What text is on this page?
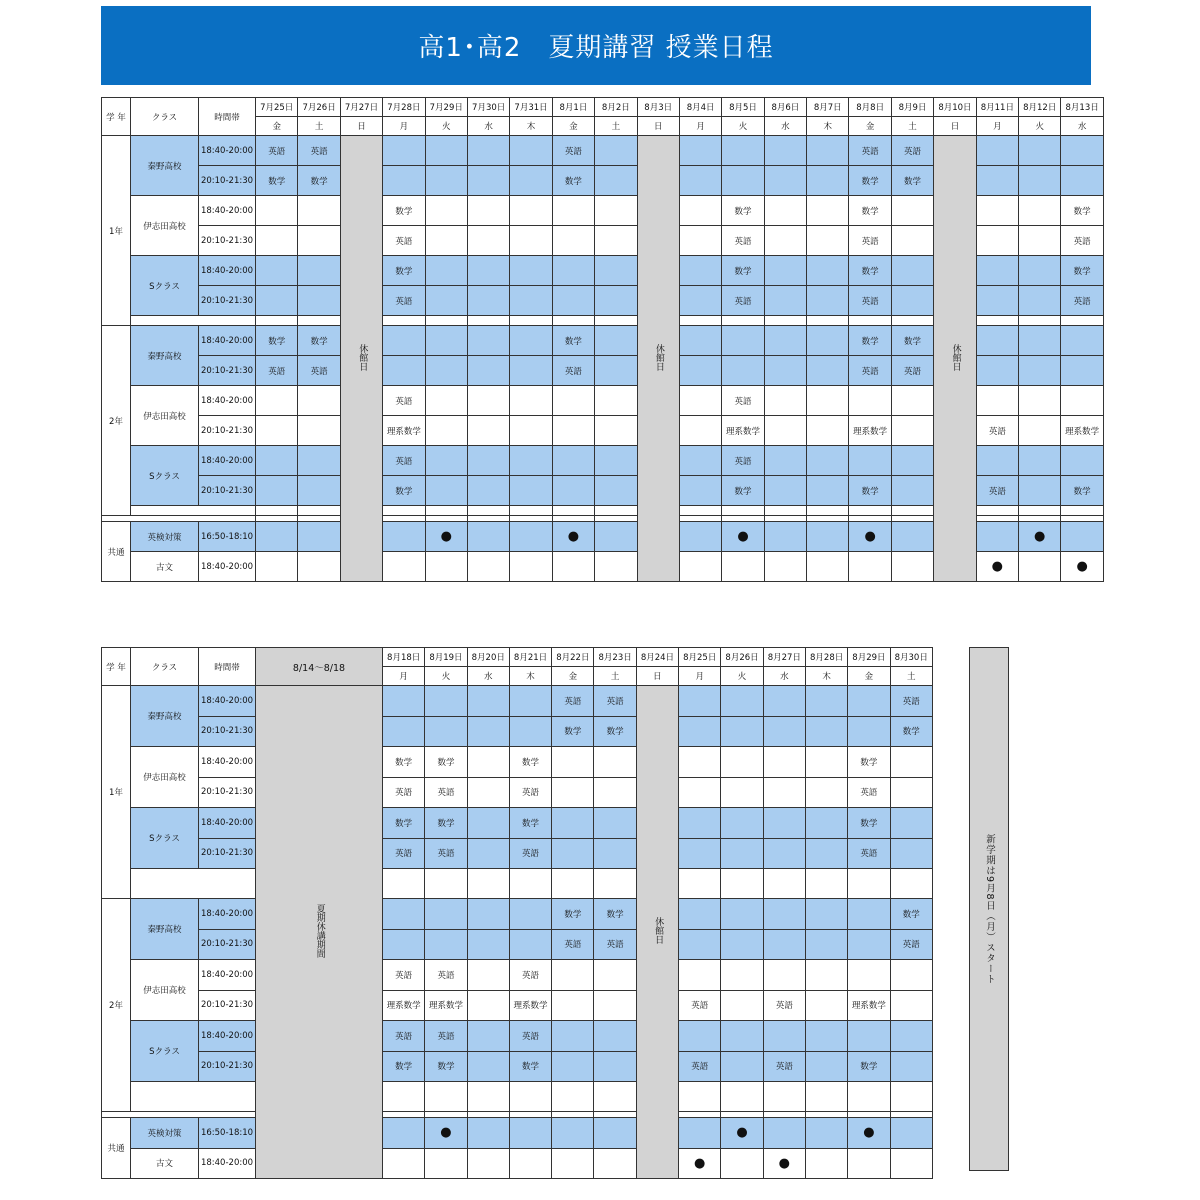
高1･高2　夏期講習 授業日程
学 年	クラス	時間帯	7月25日	7月26日	7月27日	7月28日	7月29日	7月30日	7月31日	8月1日	8月2日	8月3日	8月4日	8月5日	8月6日	8月7日	8月8日	8月9日	8月10日	8月11日	8月12日	8月13日
			金	土	日	月	火	水	木	金	土	日	月	火	水	木	金	土	日	月	火	水
1年	秦野高校	18:40-20:00	英語	英語	休館日					英語		休館日					英語	英語	休館日			
		20:10-21:30	数学	数学						数学							数学	数学				
	伊志田高校	18:40-20:00				数学								数学			数学					数学
		20:10-21:30				英語								英語			英語					英語
	Sクラス	18:40-20:00				数学								数学			数学					数学
		20:10-21:30				英語								英語			英語					英語

2年	秦野高校	18:40-20:00	数学	数学						数学							数学	数学				
		20:10-21:30	英語	英語						英語							英語	英語				
	伊志田高校	18:40-20:00				英語								英語								
		20:10-21:30				理系数学								理系数学			理系数学			英語		理系数学
	Sクラス	18:40-20:00				英語								英語								
		20:10-21:30				数学								数学			数学			英語		数学

共通	英検対策	16:50-18:10					●			●				●			●				●	
	古文	18:40-20:00																		●		●
学 年	クラス	時間帯	8/14～8/18	8月18日	8月19日	8月20日	8月21日	8月22日	8月23日	8月24日	8月25日	8月26日	8月27日	8月28日	8月29日	8月30日
				月	火	水	木	金	土	日	月	火	水	木	金	土
1年	秦野高校	18:40-20:00	夏期休講期間					英語	英語	休館日						英語
		20:10-21:30						数学	数学							数学
	伊志田高校	18:40-20:00		数学	数学		数学								数学	
		20:10-21:30		英語	英語		英語								英語	
	Sクラス	18:40-20:00		数学	数学		数学								数学	
		20:10-21:30		英語	英語		英語								英語	

2年	秦野高校	18:40-20:00						数学	数学							数学
		20:10-21:30						英語	英語							英語
	伊志田高校	18:40-20:00		英語	英語		英語									
		20:10-21:30		理系数学	理系数学		理系数学				英語		英語		理系数学	
	Sクラス	18:40-20:00		英語	英語		英語									
		20:10-21:30		数学	数学		数学				英語		英語		数学	

共通	英検対策	16:50-18:10			●							●			●	
	古文	18:40-20:00									●		●			
新学期は9月8日（月）スタート
